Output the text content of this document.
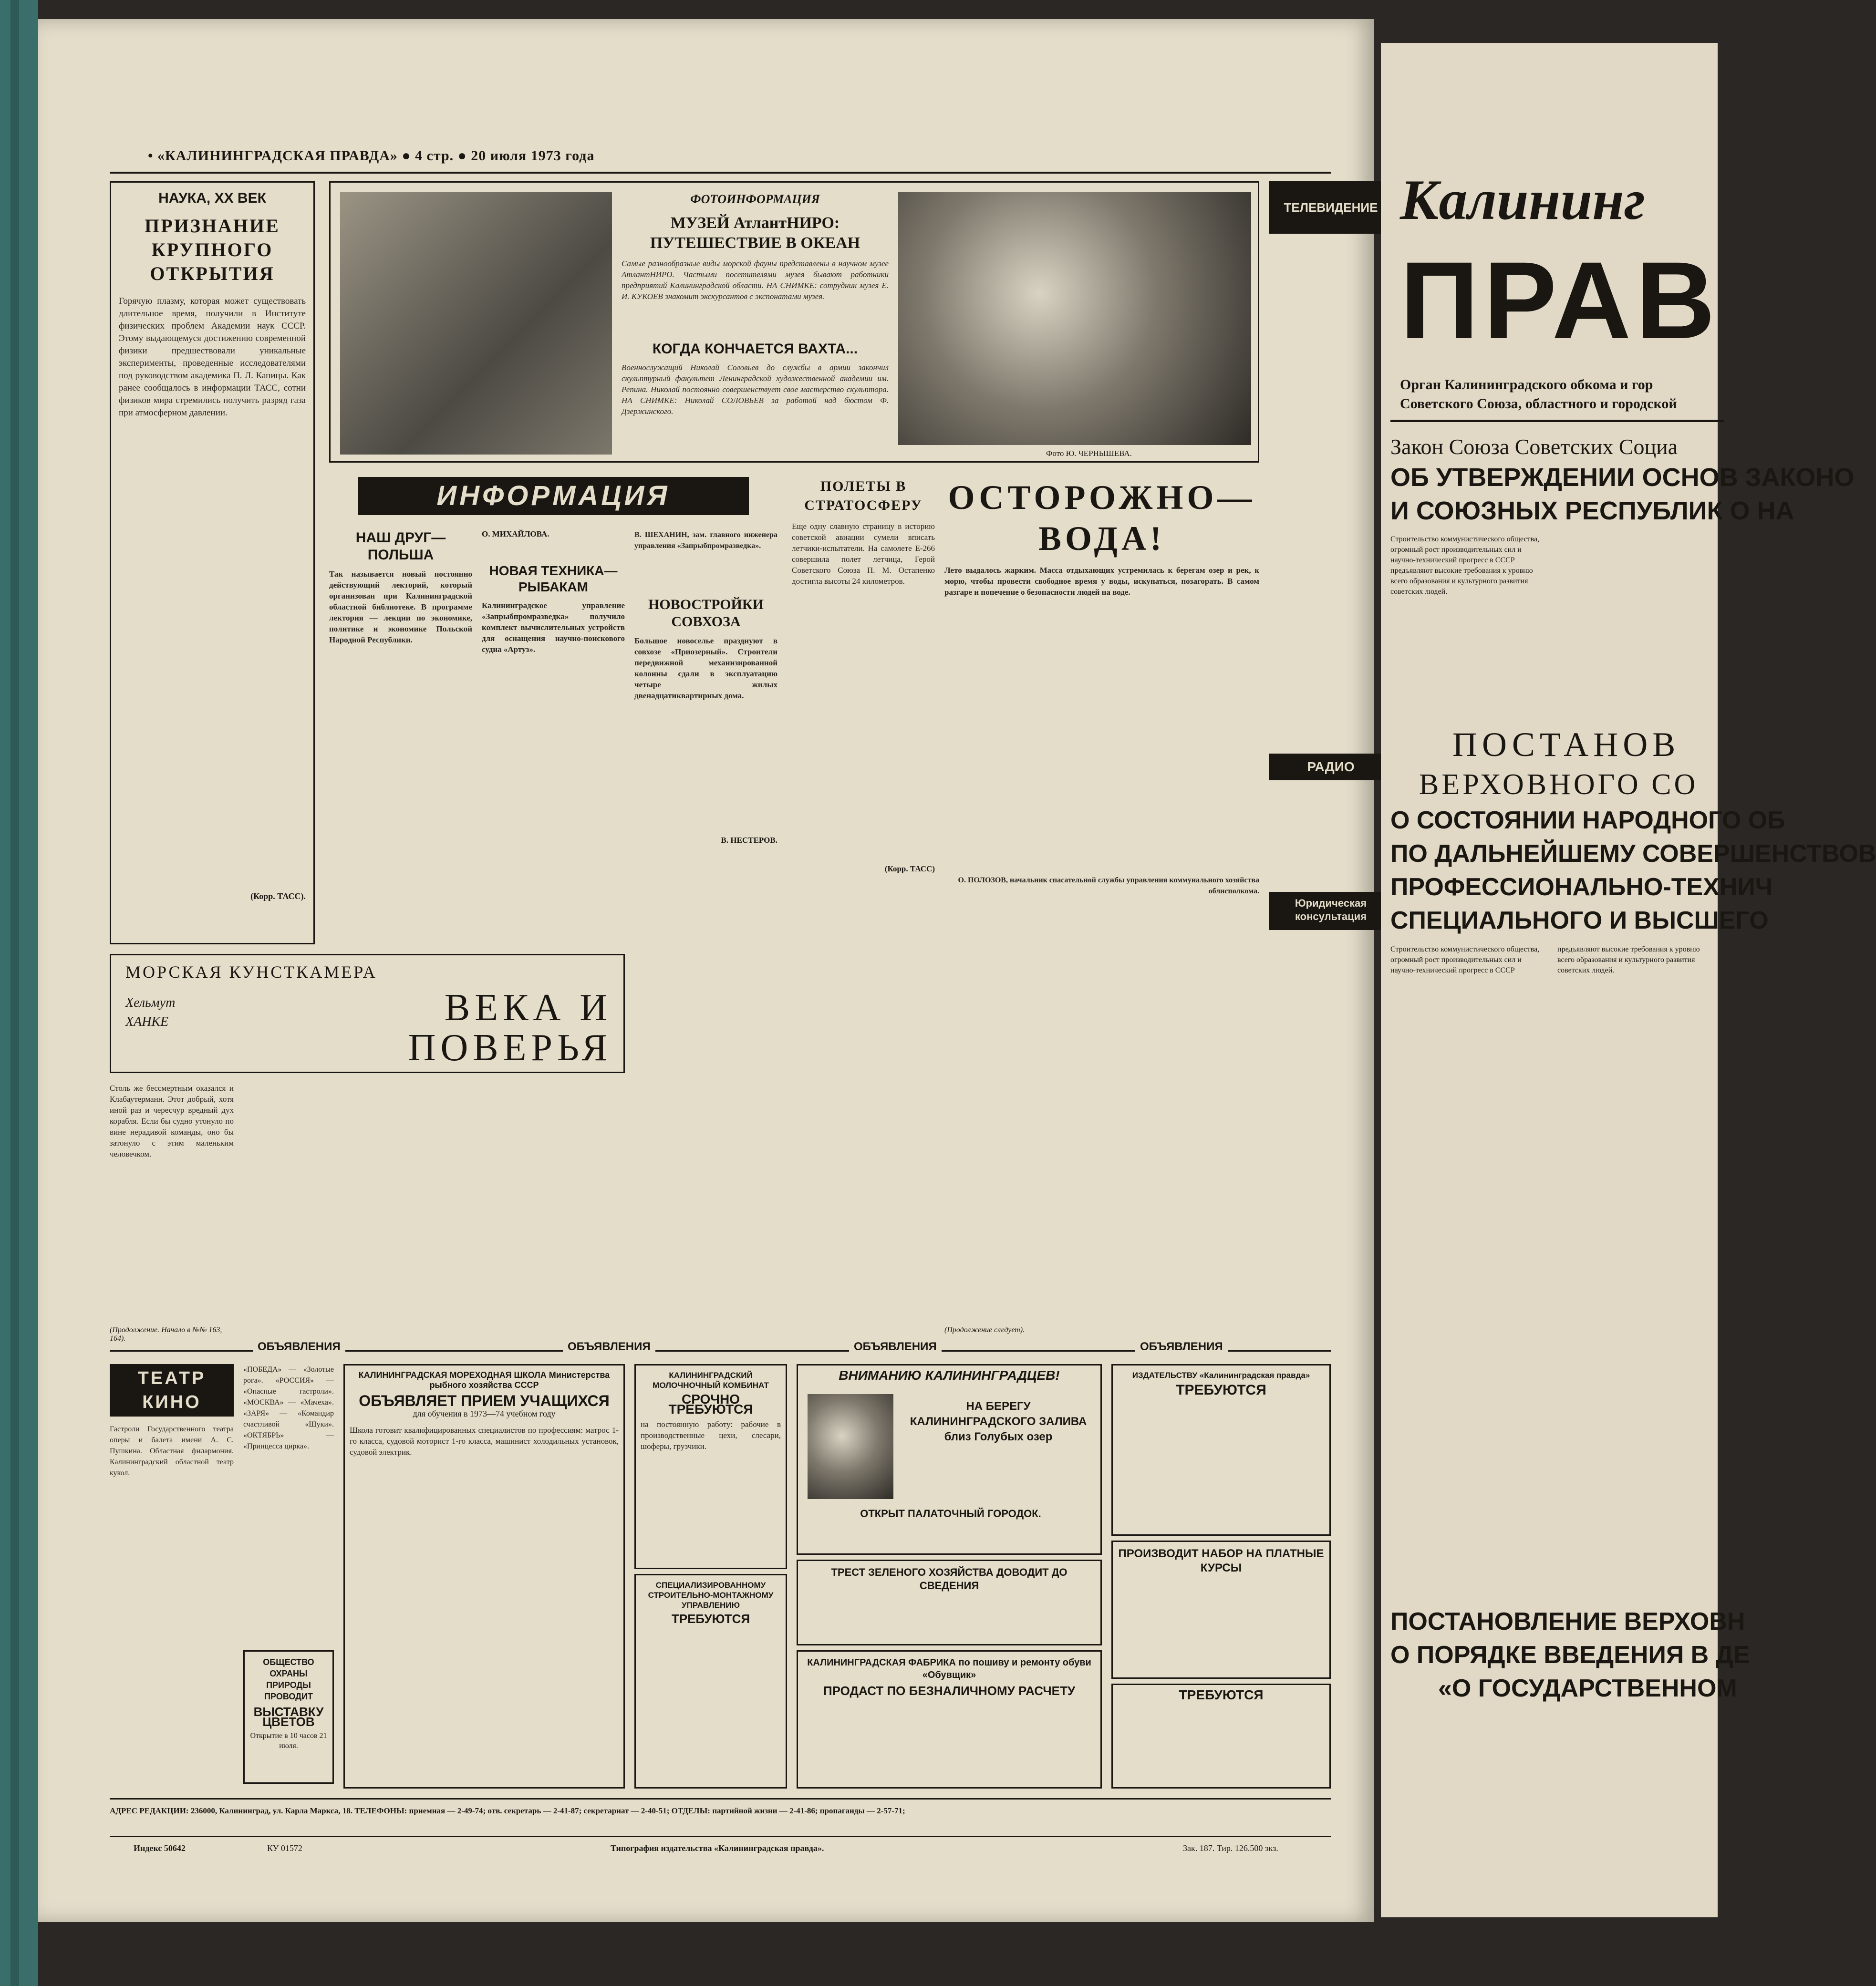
• «КАЛИНИНГРАДСКАЯ ПРАВДА» ● 4 стр. ● 20 июля 1973 года
НАУКА, XX ВЕК
ПРИЗНАНИЕ КРУПНОГО ОТКРЫТИЯ
Горячую плазму, которая может существовать длительное время, получили в Институте физических проблем Академии наук СССР. Этому выдающемуся достижению современной физики предшествовали уникальные эксперименты, проведенные исследователями под руководством академика П. Л. Капицы. Как ранее сообщалось в информации ТАСС, сотни физиков мира стремились получить разряд газа при атмосферном давлении.
(Корр. ТАСС).
ФОТОИНФОРМАЦИЯ
МУЗЕЙ АтлантНИРО: ПУТЕШЕСТВИЕ В ОКЕАН
Самые разнообразные виды морской фауны представлены в научном музее АтлантНИРО. Частыми посетителями музея бывают работники предприятий Калининградской области. НА СНИМКЕ: сотрудник музея Е. И. КУКОЕВ знакомит экскурсантов с экспонатами музея.
КОГДА КОНЧАЕТСЯ ВАХТА...
Военнослужащий Николай Соловьев до службы в армии закончил скульптурный факультет Ленинградской художественной академии им. Репина. Николай постоянно совершенствует свое мастерство скульптора. НА СНИМКЕ: Николай СОЛОВЬЕВ за работой над бюстом Ф. Дзержинского.
Фото Ю. ЧЕРНЫШЕВА.
ИНФОРМАЦИЯ
НАШ ДРУГ— ПОЛЬША
Так называется новый постоянно действующий лекторий, который организован при Калининградской областной библиотеке. В программе лектория — лекции по экономике, политике и экономике Польской Народной Республики.
О. МИХАЙЛОВА.
НОВАЯ ТЕХНИКА— РЫБАКАМ
Калининградское управление «Запрыбпромразведка» получило комплект вычислительных устройств для оснащения научно-поискового судна «Артуз».
В. ШЕХАНИН, зам. главного инженера управления «Запрыбпромразведка».
НОВОСТРОЙКИ СОВХОЗА
Большое новоселье празднуют в совхозе «Приозерный». Строители передвижной механизированной колонны сдали в эксплуатацию четыре жилых двенадцатиквартирных дома.
В. НЕСТЕРОВ.
ПОЛЕТЫ В СТРАТОСФЕРУ
Еще одну славную страницу в историю советской авиации сумели вписать летчики-испытатели. На самолете Е-266 совершила полет летчица, Герой Советского Союза П. М. Остапенко достигла высоты 24 километров.
(Корр. ТАСС)
ОСТОРОЖНО— ВОДА!
Лето выдалось жарким. Масса отдыхающих устремилась к берегам озер и рек, к морю, чтобы провести свободное время у воды, искупаться, позагорать. В самом разгаре и попечение о безопасности людей на воде.
О. ПОЛОЗОВ, начальник спасательной службы управления коммунального хозяйства облисполкома.
ТЕЛЕВИДЕНИЕ

РАДИО
Юридическая консультация
МОРСКАЯ КУНСТКАМЕРА
Хельмут ХАНКЕ	ВЕКА И ПОВЕРЬЯ
Столь же бессмертным оказался и Клабаутерманн. Этот добрый, хотя иной раз и чересчур вредный дух корабля. Если бы судно утонуло по вине нерадивой команды, оно бы затонуло с этим маленьким человечком.
(Продолжение. Начало в №№ 163, 164).
(Продолжение следует).
ОБЪЯВЛЕНИЯ	ОБЪЯВЛЕНИЯ	ОБЪЯВЛЕНИЯ	ОБЪЯВЛЕНИЯ
ТЕАТР КИНО
Гастроли Государственного театра оперы и балета имени А. С. Пушкина. Областная филармония. Калининградский областной театр кукол.
«ПОБЕДА» — «Золотые рога». «РОССИЯ» — «Опасные гастроли». «МОСКВА» — «Мачеха». «ЗАРЯ» — «Командир счастливой «Щуки». «ОКТЯБРЬ» — «Принцесса цирка».
ОБЩЕСТВО ОХРАНЫ ПРИРОДЫ ПРОВОДИТ
ВЫСТАВКУ ЦВЕТОВ
Открытие в 10 часов 21 июля.
КАЛИНИНГРАДСКАЯ МОРЕХОДНАЯ ШКОЛА Министерства рыбного хозяйства СССР
ОБЪЯВЛЯЕТ ПРИЕМ УЧАЩИХСЯ
для обучения в 1973—74 учебном году
Школа готовит квалифицированных специалистов по профессиям: матрос 1-го класса, судовой моторист 1-го класса, машинист холодильных установок, судовой электрик.
КАЛИНИНГРАДСКИЙ МОЛОЧНОЧНЫЙ КОМБИНАТ
СРОЧНО ТРЕБУЮТСЯ
на постоянную работу: рабочие в производственные цехи, слесари, шоферы, грузчики.
СПЕЦИАЛИЗИРОВАННОМУ СТРОИТЕЛЬНО-МОНТАЖНОМУ УПРАВЛЕНИЮ
ТРЕБУЮТСЯ
ВНИМАНИЮ КАЛИНИНГРАДЦЕВ!
НА БЕРЕГУ КАЛИНИНГРАДСКОГО ЗАЛИВА близ Голубых озер
ОТКРЫТ ПАЛАТОЧНЫЙ ГОРОДОК.
ТРЕСТ ЗЕЛЕНОГО ХОЗЯЙСТВА ДОВОДИТ ДО СВЕДЕНИЯ
КАЛИНИНГРАДСКАЯ ФАБРИКА по пошиву и ремонту обуви «Обувщик»
ПРОДАСТ ПО БЕЗНАЛИЧНОМУ РАСЧЕТУ
ИЗДАТЕЛЬСТВУ «Калининградская правда»
ТРЕБУЮТСЯ
ПРОИЗВОДИТ НАБОР НА ПЛАТНЫЕ КУРСЫ
ТРЕБУЮТСЯ
АДРЕС РЕДАКЦИИ: 236000, Калининград, ул. Карла Маркса, 18. ТЕЛЕФОНЫ: приемная — 2-49-74; отв. секретарь — 2-41-87; секретариат — 2-40-51; ОТДЕЛЫ: партийной жизни — 2-41-86; пропаганды — 2-57-71;
Индекс 50642	КУ 01572	Типография издательства «Калининградская правда».	Зак. 187. Тир. 126.500 экз.
Калининг
ПРАВ
Орган Калининградского обкома и гор
Советского Союза, областного и городской
Закон Союза Советских Социа
ОБ УТВЕРЖДЕНИИ ОСНОВ ЗАКОНО
И СОЮЗНЫХ РЕСПУБЛИК О НА
Строительство коммунистического общества, огромный рост производительных сил и научно-технический прогресс в СССР предъявляют высокие требования к уровню всего образования и культурного развития советских людей.
ПОСТАНОВ
ВЕРХОВНОГО СО
О СОСТОЯНИИ НАРОДНОГО ОБ
ПО ДАЛЬНЕЙШЕМУ СОВЕРШЕНСТВОВ
ПРОФЕССИОНАЛЬНО-ТЕХНИЧ
СПЕЦИАЛЬНОГО И ВЫСШЕГО
Строительство коммунистического общества, огромный рост производительных сил и научно-технический прогресс в СССР предъявляют высокие требования к уровню всего образования и культурного развития советских людей.
ПОСТАНОВЛЕНИЕ ВЕРХОВН
О ПОРЯДКЕ ВВЕДЕНИЯ В ДЕ
«О ГОСУДАРСТВЕННОМ
